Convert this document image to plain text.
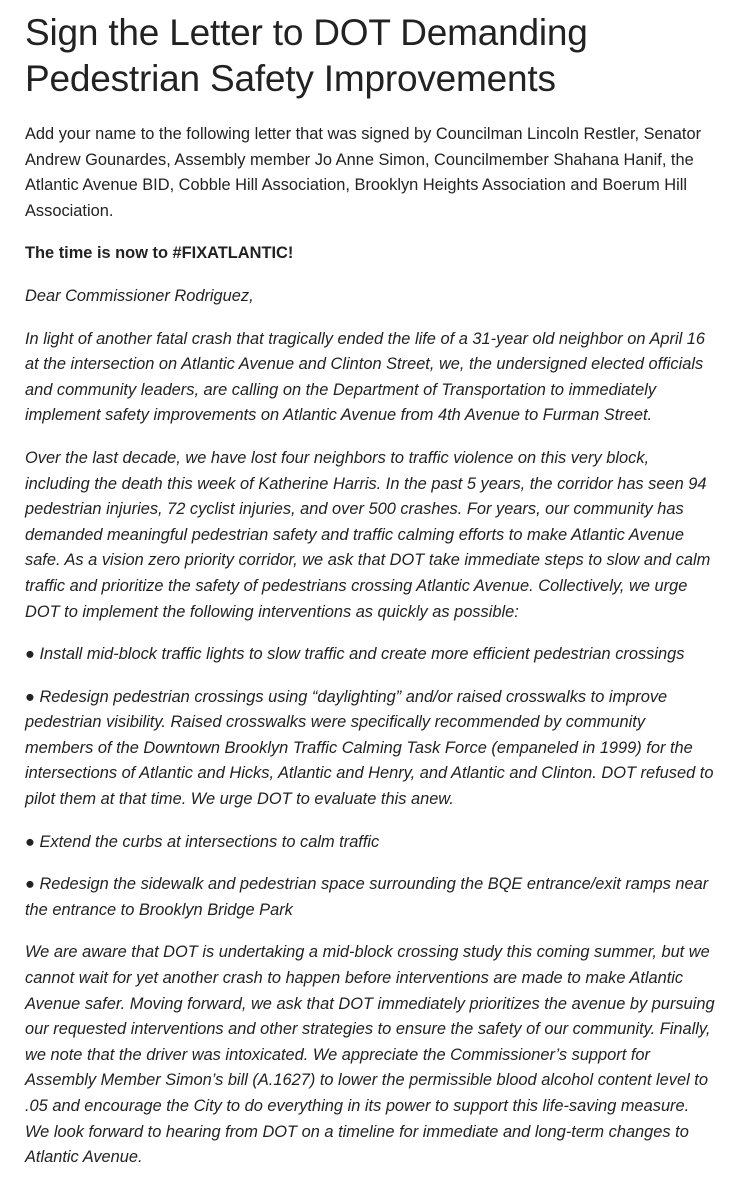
Sign the Letter to DOT Demanding Pedestrian Safety Improvements

Add your name to the following letter that was signed by Councilman Lincoln Restler, Senator Andrew Gounardes, Assembly member Jo Anne Simon, Councilmember Shahana Hanif, the Atlantic Avenue BID, Cobble Hill Association, Brooklyn Heights Association and Boerum Hill Association.

The time is now to #FIXATLANTIC!

Dear Commissioner Rodriguez,

In light of another fatal crash that tragically ended the life of a 31-year old neighbor on April 16 at the intersection on Atlantic Avenue and Clinton Street, we, the undersigned elected officials and community leaders, are calling on the Department of Transportation to immediately implement safety improvements on Atlantic Avenue from 4th Avenue to Furman Street.

Over the last decade, we have lost four neighbors to traffic violence on this very block, including the death this week of Katherine Harris. In the past 5 years, the corridor has seen 94 pedestrian injuries, 72 cyclist injuries, and over 500 crashes. For years, our community has demanded meaningful pedestrian safety and traffic calming efforts to make Atlantic Avenue safe. As a vision zero priority corridor, we ask that DOT take immediate steps to slow and calm traffic and prioritize the safety of pedestrians crossing Atlantic Avenue. Collectively, we urge DOT to implement the following interventions as quickly as possible:

● Install mid-block traffic lights to slow traffic and create more efficient pedestrian crossings

● Redesign pedestrian crossings using “daylighting” and/or raised crosswalks to improve pedestrian visibility. Raised crosswalks were specifically recommended by community members of the Downtown Brooklyn Traffic Calming Task Force (empaneled in 1999) for the intersections of Atlantic and Hicks, Atlantic and Henry, and Atlantic and Clinton. DOT refused to pilot them at that time. We urge DOT to evaluate this anew.

● Extend the curbs at intersections to calm traffic

● Redesign the sidewalk and pedestrian space surrounding the BQE entrance/exit ramps near the entrance to Brooklyn Bridge Park

We are aware that DOT is undertaking a mid-block crossing study this coming summer, but we cannot wait for yet another crash to happen before interventions are made to make Atlantic Avenue safer. Moving forward, we ask that DOT immediately prioritizes the avenue by pursuing our requested interventions and other strategies to ensure the safety of our community. Finally, we note that the driver was intoxicated. We appreciate the Commissioner’s support for Assembly Member Simon’s bill (A.1627) to lower the permissible blood alcohol content level to .05 and encourage the City to do everything in its power to support this life-saving measure. We look forward to hearing from DOT on a timeline for immediate and long-term changes to Atlantic Avenue.
